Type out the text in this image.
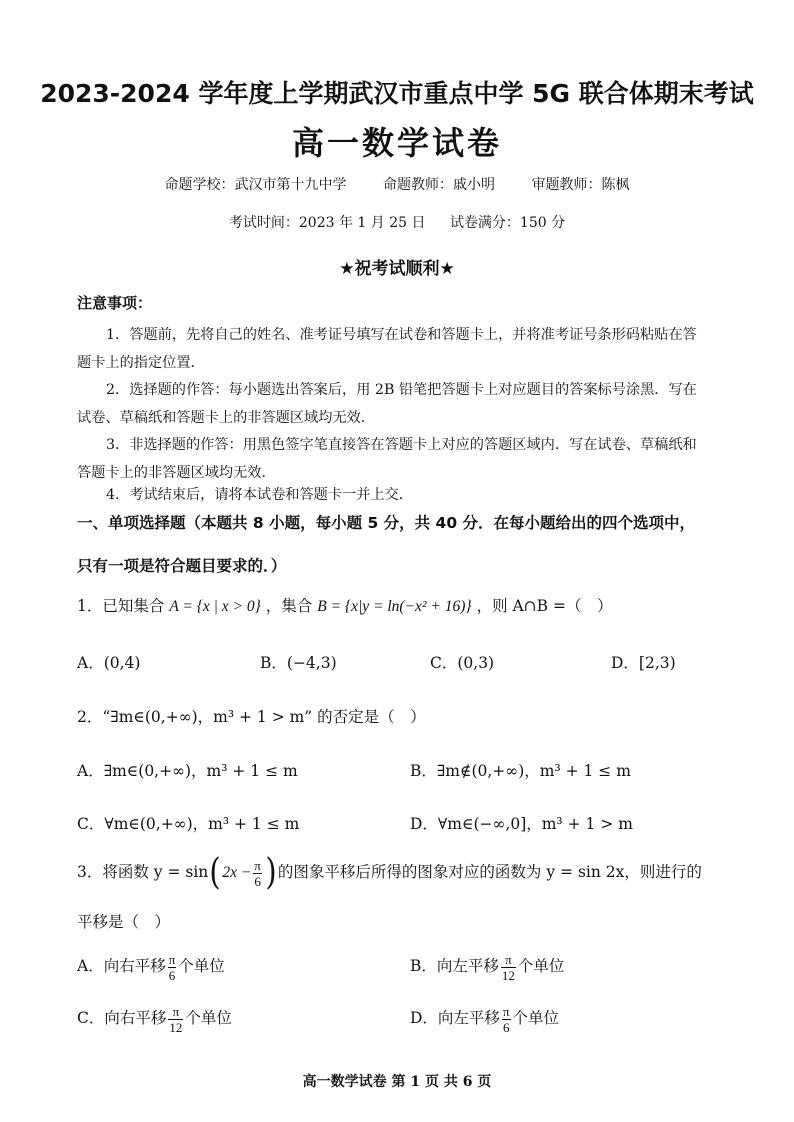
2023-2024 学年度上学期武汉市重点中学 5G 联合体期末考试
高一数学试卷
命题学校：武汉市第十九中学	命题教师：戚小明	审题教师：陈枫
考试时间：2023 年 1 月 25 日 试卷满分：150 分
★祝考试顺利★
注意事项：
1．答题前，先将自己的姓名、准考证号填写在试卷和答题卡上，并将准考证号条形码粘贴在答题卡上的指定位置．
2．选择题的作答：每小题选出答案后，用 2B 铅笔把答题卡上对应题目的答案标号涂黑．写在试卷、草稿纸和答题卡上的非答题区域均无效．
3．非选择题的作答：用黑色签字笔直接答在答题卡上对应的答题区域内．写在试卷、草稿纸和答题卡上的非答题区域均无效．
4．考试结束后，请将本试卷和答题卡一并上交．
一、单项选择题（本题共 8 小题，每小题 5 分，共 40 分．在每小题给出的四个选项中，
只有一项是符合题目要求的．）
1．已知集合 A = {x | x > 0} ，集合 B = {x|y = ln(−x² + 16)} ，则 A∩B =（　）
A．(0,4)	B．(−4,3)	C．(0,3)	D．[2,3)
2．“∃m∈(0,+∞)，m³ + 1 > m” 的否定是（　）
A．∃m∈(0,+∞)，m³ + 1 ≤ m	B．∃m∉(0,+∞)，m³ + 1 ≤ m
C．∀m∈(0,+∞)，m³ + 1 ≤ m	D．∀m∈(−∞,0]，m³ + 1 > m
3．将函数 $y = \sin(2x - \frac{\pi}{6}$ )的图象平移后所得的图象对应的函数为 y = sin 2x，则进行的
平移是（　）
A．向右平移 $\frac{\pi}{6}$ 个单位	B．向左平移 $\frac{\pi}{12}$ 个单位
C．向右平移 $\frac{\pi}{12}$ 个单位	D．向左平移 $\frac{\pi}{6}$ 个单位
高一数学试卷 第 1 页 共 6 页
